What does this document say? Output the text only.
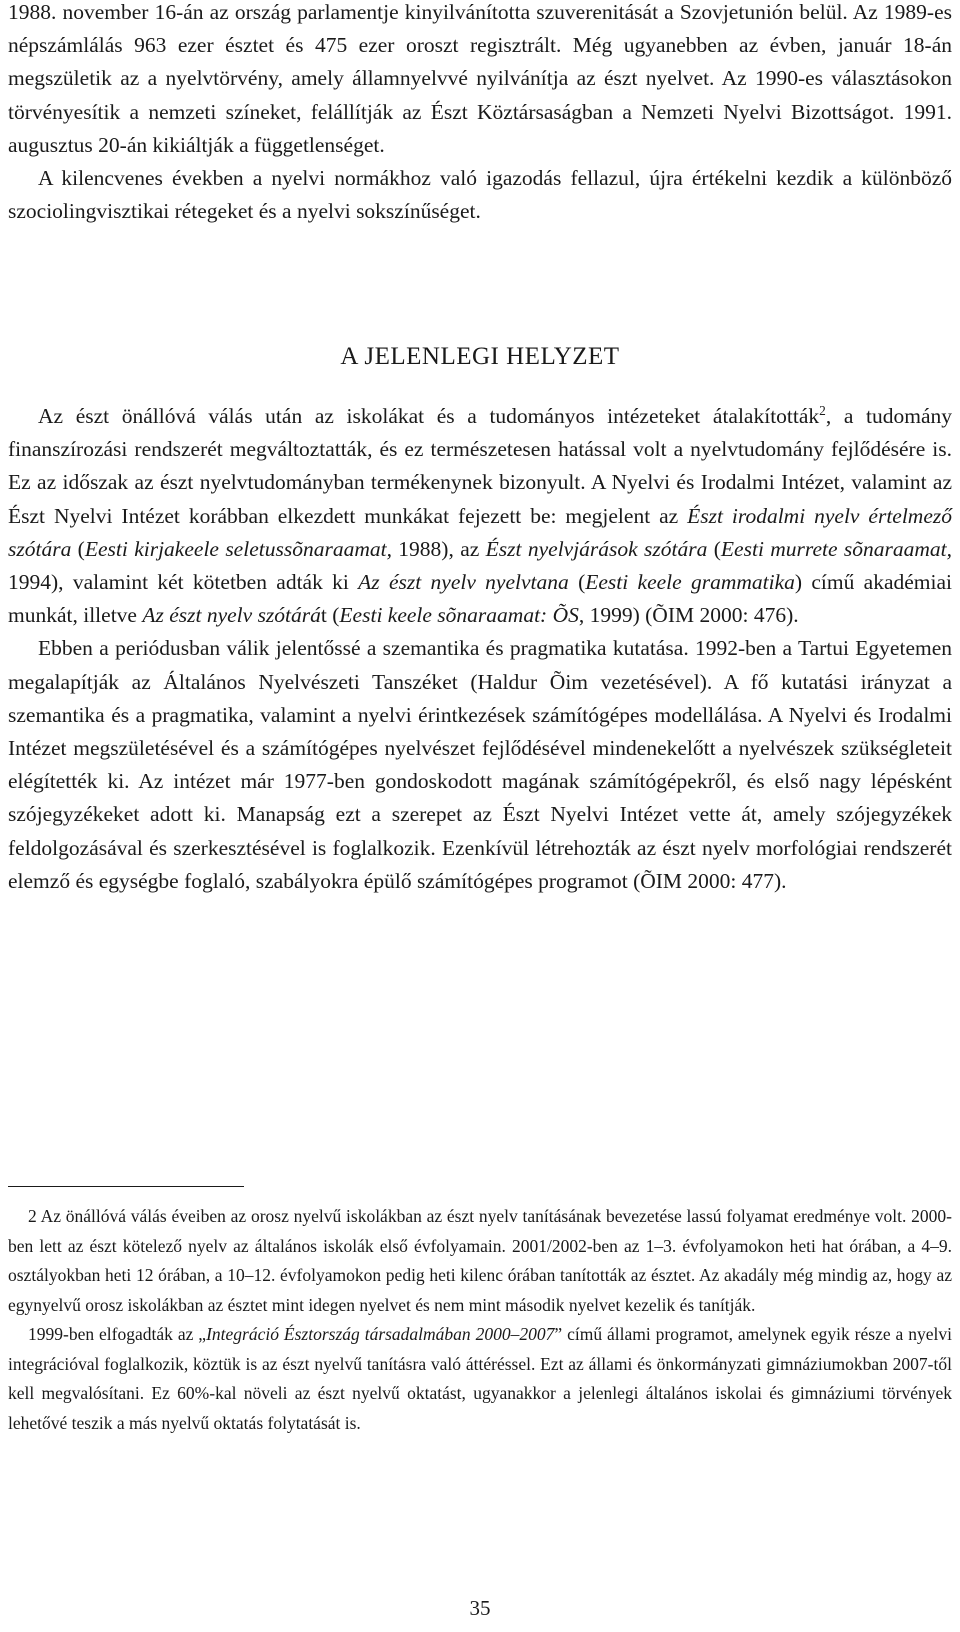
1988. november 16-án az ország parlamentje kinyilvánította szuverenitását a Szovjetunión belül. Az 1989-es népszámlálás 963 ezer észtet és 475 ezer oroszt regisztrált. Még ugyanebben az évben, január 18-án megszületik az a nyelvtörvény, amely államnyelvvé nyilvánítja az észt nyelvet. Az 1990-es választásokon törvényesítik a nemzeti színeket, felállítják az Észt Köztársaságban a Nemzeti Nyelvi Bizottságot. 1991. augusztus 20-án kikiáltják a függetlenséget.

A kilencvenes években a nyelvi normákhoz való igazodás fellazul, újra értékelni kezdik a különböző szociolingvisztikai rétegeket és a nyelvi sokszínűséget.

A JELENLEGI HELYZET

Az észt önállóvá válás után az iskolákat és a tudományos intézeteket átalakították$^2$, a tudomány finanszírozási rendszerét megváltoztatták, és ez természetesen hatással volt a nyelvtudomány fejlődésére is. Ez az időszak az észt nyelvtudományban termékenynek bizonyult. A Nyelvi és Irodalmi Intézet, valamint az Észt Nyelvi Intézet korábban elkezdett munkákat fejezett be: megjelent az Észt irodalmi nyelv értelmező szótára (Eesti kirjakeele seletussõnaraamat, 1988), az Észt nyelvjárások szótára (Eesti murrete sõnaraamat, 1994), valamint két kötetben adták ki Az észt nyelv nyelvtana (Eesti keele grammatika) című akadémiai munkát, illetve Az észt nyelv szótárát (Eesti keele sõnaraamat: ÕS, 1999) (ÕIM 2000: 476).

Ebben a periódusban válik jelentőssé a szemantika és pragmatika kutatása. 1992-ben a Tartui Egyetemen megalapítják az Általános Nyelvészeti Tanszéket (Haldur Õim vezetésével). A fő kutatási irányzat a szemantika és a pragmatika, valamint a nyelvi érintkezések számítógépes modellálása. A Nyelvi és Irodalmi Intézet megszületésével és a számítógépes nyelvészet fejlődésével mindenekelőtt a nyelvészek szükségleteit elégítették ki. Az intézet már 1977-ben gondoskodott magának számítógépekről, és első nagy lépésként szójegyzékeket adott ki. Manapság ezt a szerepet az Észt Nyelvi Intézet vette át, amely szójegyzékek feldolgozásával és szerkesztésével is foglalkozik. Ezenkívül létrehozták az észt nyelv morfológiai rendszerét elemző és egységbe foglaló, szabályokra épülő számítógépes programot (ÕIM 2000: 477).

2 Az önállóvá válás éveiben az orosz nyelvű iskolákban az észt nyelv tanításának bevezetése lassú folyamat eredménye volt. 2000-ben lett az észt kötelező nyelv az általános iskolák első évfolyamain. 2001/2002-ben az 1–3. évfolyamokon heti hat órában, a 4–9. osztályokban heti 12 órában, a 10–12. évfolyamokon pedig heti kilenc órában tanították az észtet. Az akadály még mindig az, hogy az egynyelvű orosz iskolákban az észtet mint idegen nyelvet és nem mint második nyelvet kezelik és tanítják.

1999-ben elfogadták az „Integráció Észtország társadalmában 2000–2007” című állami programot, amelynek egyik része a nyelvi integrációval foglalkozik, köztük is az észt nyelvű tanításra való áttéréssel. Ezt az állami és önkormányzati gimnáziumokban 2007-től kell megvalósítani. Ez 60%-kal növeli az észt nyelvű oktatást, ugyanakkor a jelenlegi általános iskolai és gimnáziumi törvények lehetővé teszik a más nyelvű oktatás folytatását is.

35
